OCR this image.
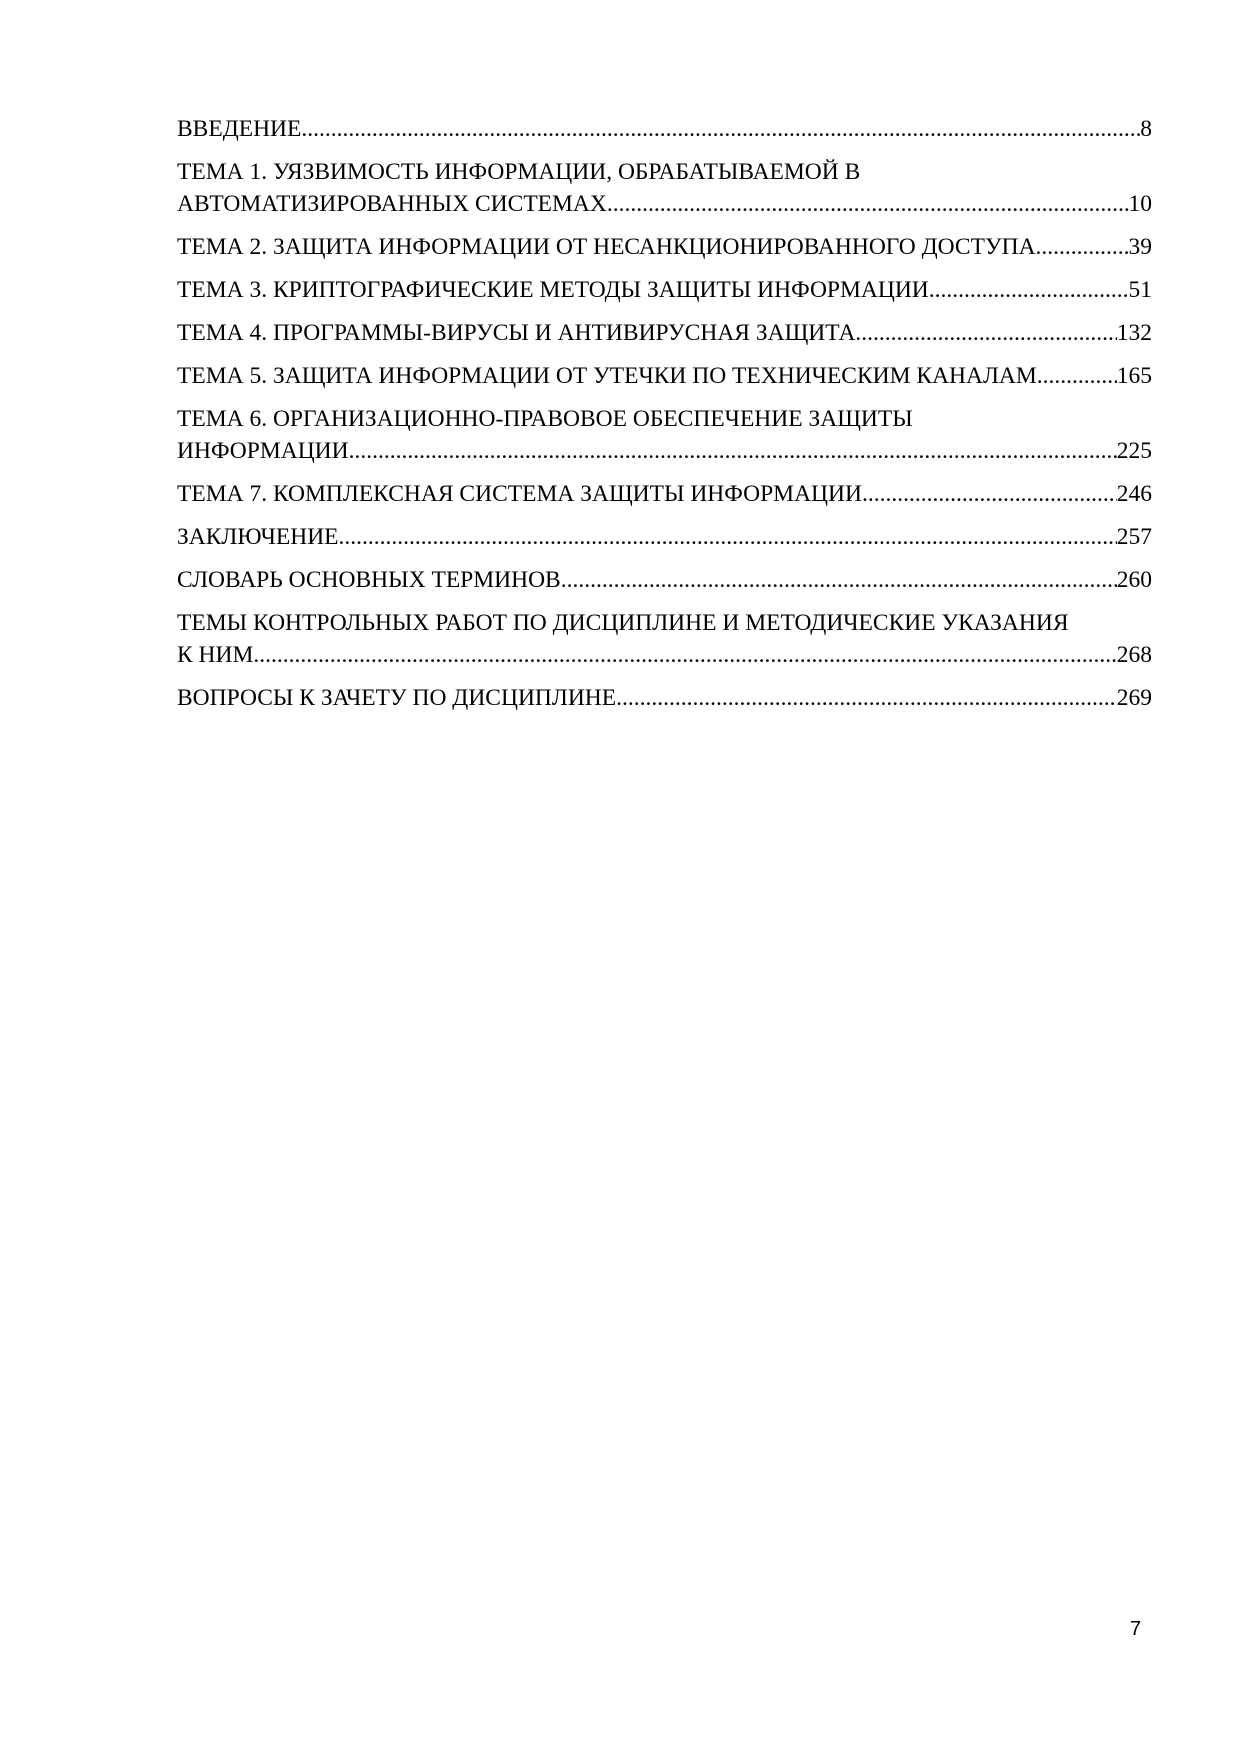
ВВЕДЕНИЕ .....	8
ТЕМА 1. УЯЗВИМОСТЬ ИНФОРМАЦИИ, ОБРАБАТЫВАЕМОЙ В
АВТОМАТИЗИРОВАННЫХ СИСТЕМАХ .....	10
ТЕМА 2. ЗАЩИТА ИНФОРМАЦИИ ОТ НЕСАНКЦИОНИРОВАННОГО ДОСТУПА .....	39
ТЕМА 3. КРИПТОГРАФИЧЕСКИЕ МЕТОДЫ ЗАЩИТЫ ИНФОРМАЦИИ .....	51
ТЕМА 4. ПРОГРАММЫ-ВИРУСЫ И АНТИВИРУСНАЯ ЗАЩИТА .....	132
ТЕМА 5. ЗАЩИТА ИНФОРМАЦИИ ОТ УТЕЧКИ ПО ТЕХНИЧЕСКИМ КАНАЛАМ .....	165
ТЕМА 6. ОРГАНИЗАЦИОННО-ПРАВОВОЕ ОБЕСПЕЧЕНИЕ ЗАЩИТЫ
ИНФОРМАЦИИ .....	225
ТЕМА 7. КОМПЛЕКСНАЯ СИСТЕМА ЗАЩИТЫ ИНФОРМАЦИИ .....	246
ЗАКЛЮЧЕНИЕ .....	257
СЛОВАРЬ ОСНОВНЫХ ТЕРМИНОВ .....	260
ТЕМЫ КОНТРОЛЬНЫХ РАБОТ ПО ДИСЦИПЛИНЕ И МЕТОДИЧЕСКИЕ УКАЗАНИЯ
К НИМ .....	268
ВОПРОСЫ К ЗАЧЕТУ ПО ДИСЦИПЛИНЕ .....	269
7
